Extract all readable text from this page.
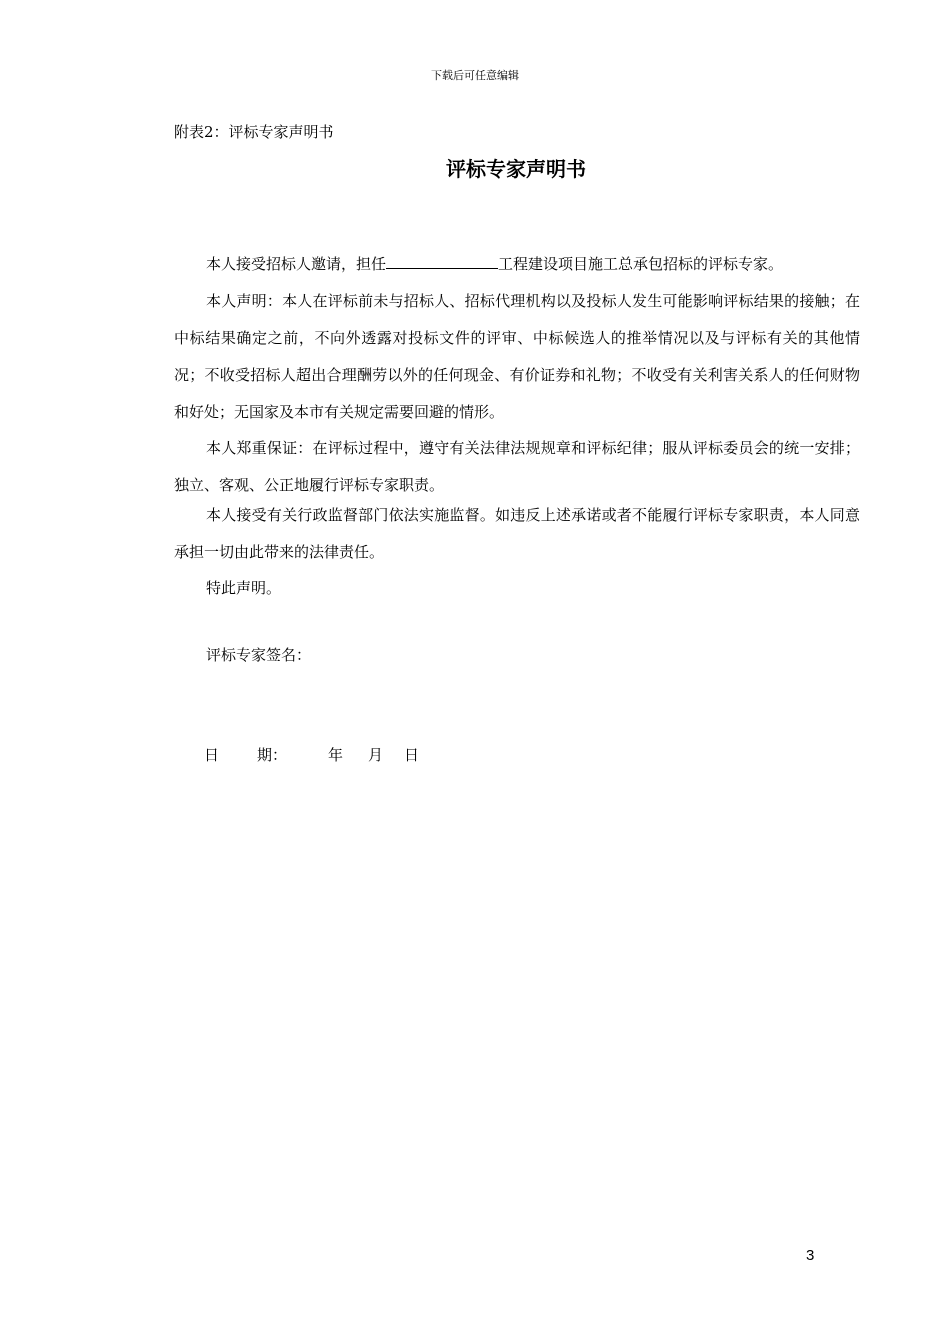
下载后可任意编辑
附表2：评标专家声明书
评标专家声明书
本人接受招标人邀请，担任	工程建设项目施工总承包招标的评标专家。
本人声明：本人在评标前未与招标人、招标代理机构以及投标人发生可能影响评标结果的接触；在中标结果确定之前，不向外透露对投标文件的评审、中标候选人的推举情况以及与评标有关的其他情况；不收受招标人超出合理酬劳以外的任何现金、有价证券和礼物；不收受有关利害关系人的任何财物和好处；无国家及本市有关规定需要回避的情形。
本人郑重保证：在评标过程中，遵守有关法律法规规章和评标纪律；服从评标委员会的统一安排；独立、客观、公正地履行评标专家职责。
本人接受有关行政监督部门依法实施监督。如违反上述承诺或者不能履行评标专家职责，本人同意承担一切由此带来的法律责任。
特此声明。
评标专家签名：
日	期：	年 月 日
3
